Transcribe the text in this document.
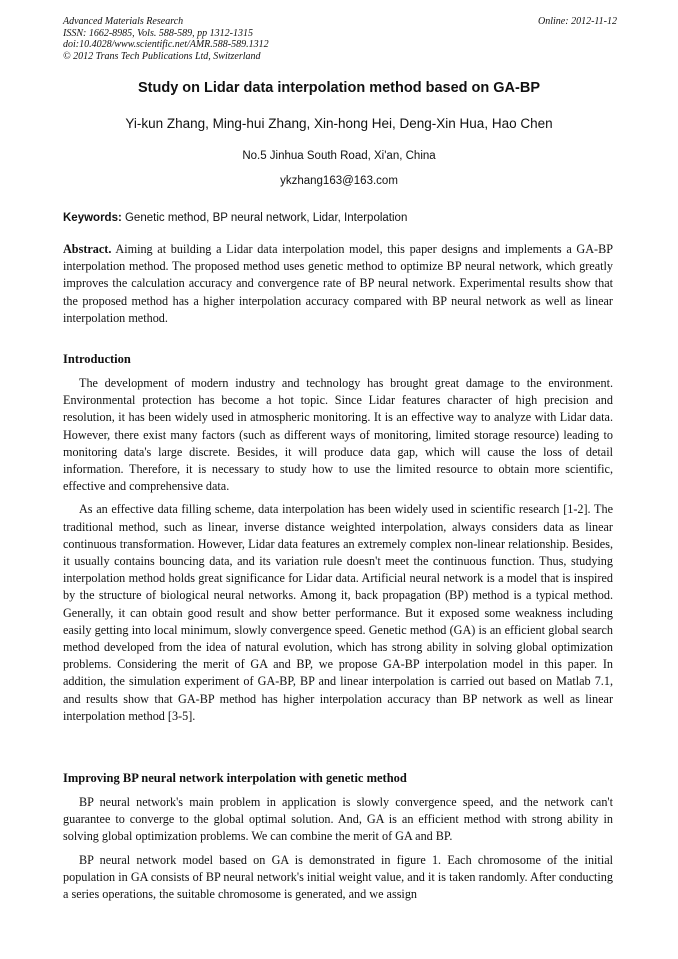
Advanced Materials Research
ISSN: 1662-8985, Vols. 588-589, pp 1312-1315
doi:10.4028/www.scientific.net/AMR.588-589.1312
© 2012 Trans Tech Publications Ltd, Switzerland
Online: 2012-11-12
Study on Lidar data interpolation method based on GA-BP
Yi-kun Zhang, Ming-hui Zhang, Xin-hong Hei, Deng-Xin Hua, Hao Chen
No.5 Jinhua South Road, Xi'an, China
ykzhang163@163.com
Keywords: Genetic method, BP neural network, Lidar, Interpolation

Abstract. Aiming at building a Lidar data interpolation model, this paper designs and implements a GA-BP interpolation method. The proposed method uses genetic method to optimize BP neural network, which greatly improves the calculation accuracy and convergence rate of BP neural network. Experimental results show that the proposed method has a higher interpolation accuracy compared with BP neural network as well as linear interpolation method.

Introduction

The development of modern industry and technology has brought great damage to the environment. Environmental protection has become a hot topic. Since Lidar features character of high precision and resolution, it has been widely used in atmospheric monitoring. It is an effective way to analyze with Lidar data. However, there exist many factors (such as different ways of monitoring, limited storage resource) leading to monitoring data's large discrete. Besides, it will produce data gap, which will cause the loss of detail information. Therefore, it is necessary to study how to use the limited resource to obtain more scientific, effective and comprehensive data.

As an effective data filling scheme, data interpolation has been widely used in scientific research [1-2]. The traditional method, such as linear, inverse distance weighted interpolation, always considers data as linear continuous transformation. However, Lidar data features an extremely complex non-linear relationship. Besides, it usually contains bouncing data, and its variation rule doesn't meet the continuous function. Thus, studying interpolation method holds great significance for Lidar data. Artificial neural network is a model that is inspired by the structure of biological neural networks. Among it, back propagation (BP) method is a typical method. Generally, it can obtain good result and show better performance. But it exposed some weakness including easily getting into local minimum, slowly convergence speed. Genetic method (GA) is an efficient global search method developed from the idea of natural evolution, which has strong ability in solving global optimization problems. Considering the merit of GA and BP, we propose GA-BP interpolation model in this paper. In addition, the simulation experiment of GA-BP, BP and linear interpolation is carried out based on Matlab 7.1, and results show that GA-BP method has higher interpolation accuracy than BP network as well as linear interpolation method [3-5].

Improving BP neural network interpolation with genetic method

BP neural network's main problem in application is slowly convergence speed, and the network can't guarantee to converge to the global optimal solution. And, GA is an efficient method with strong ability in solving global optimization problems. We can combine the merit of GA and BP.

BP neural network model based on GA is demonstrated in figure 1. Each chromosome of the initial population in GA consists of BP neural network's initial weight value, and it is taken randomly. After conducting a series operations, the suitable chromosome is generated, and we assign
